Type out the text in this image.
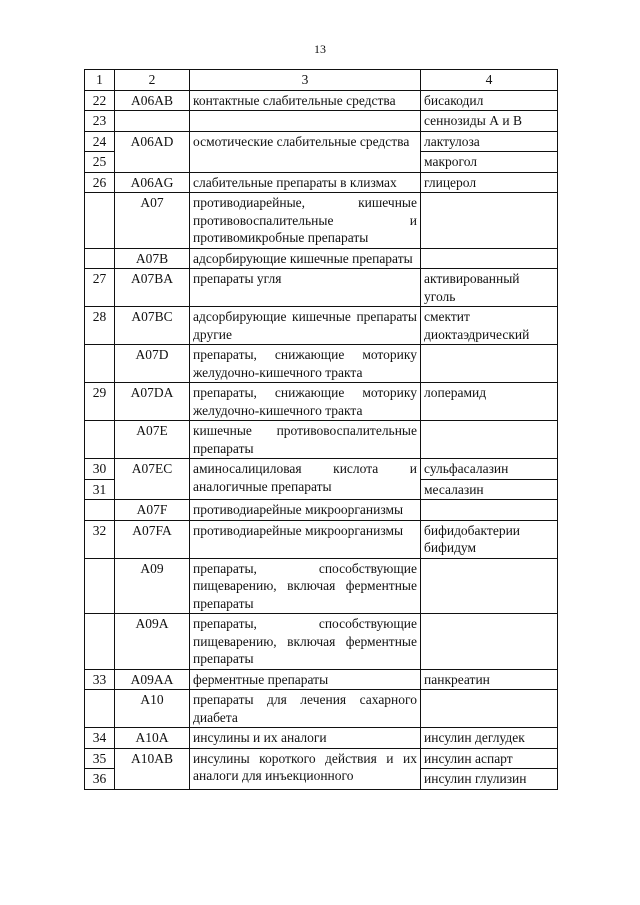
13
1	2	3	4
22	A06AB	контактные слабительные средства	бисакодил
23			сеннозиды А и В
24	A06AD	осмотические слабительные средства	лактулоза
25			макрогол
26	A06AG	слабительные препараты в клизмах	глицерол
	A07	противодиарейные, кишечные противовоспалительные и противомикробные препараты	
	A07B	адсорбирующие кишечные препараты	
27	A07BA	препараты угля	активированный уголь
28	A07BC	адсорбирующие кишечные препараты другие	смектит диоктаэдрический
	A07D	препараты, снижающие моторику желудочно-кишечного тракта	
29	A07DA	препараты, снижающие моторику желудочно-кишечного тракта	лоперамид
	A07E	кишечные противовоспалительные препараты	
30	A07EC	аминосалициловая кислота и аналогичные препараты	сульфасалазин
31			месалазин
	A07F	противодиарейные микроорганизмы	
32	A07FA	противодиарейные микроорганизмы	бифидобактерии бифидум
	A09	препараты, способствующие пищеварению, включая ферментные препараты	
	A09A	препараты, способствующие пищеварению, включая ферментные препараты	
33	A09AA	ферментные препараты	панкреатин
	A10	препараты для лечения сахарного диабета	
34	A10A	инсулины и их аналоги	инсулин деглудек
35	A10AB	инсулины короткого действия и их аналоги для инъекционного	инсулин аспарт
36			инсулин глулизин
